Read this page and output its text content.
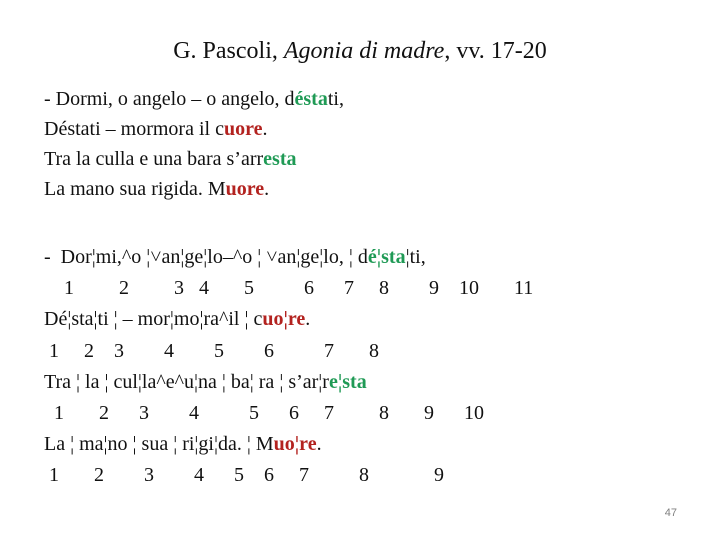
G. Pascoli, Agonia di madre, vv. 17-20
- Dormi, o angelo – o angelo, déstati,
Déstati – mormora il cuore.
Tra la culla e una bara s’arresta
La mano sua rigida. Muore.
-  Dor¦mi,^o ¦˅an¦ge¦lo–^o ¦ ˅an¦ge¦lo, ¦ dé¦sta¦ti,
1         2         3   4       5          6      7     8        9    10       11
Dé¦sta¦ti ¦ – mor¦mo¦ra^il ¦ cuo¦re.
1     2    3        4        5        6          7       8
Tra ¦ la ¦ cul¦la^e^u¦na ¦ ba¦ ra ¦ s’ar¦re¦sta
1       2      3        4          5      6     7         8       9      10
La ¦ ma¦no ¦ sua ¦ ri¦gi¦da. ¦ Muo¦re.
1       2        3        4      5    6     7          8             9
47
